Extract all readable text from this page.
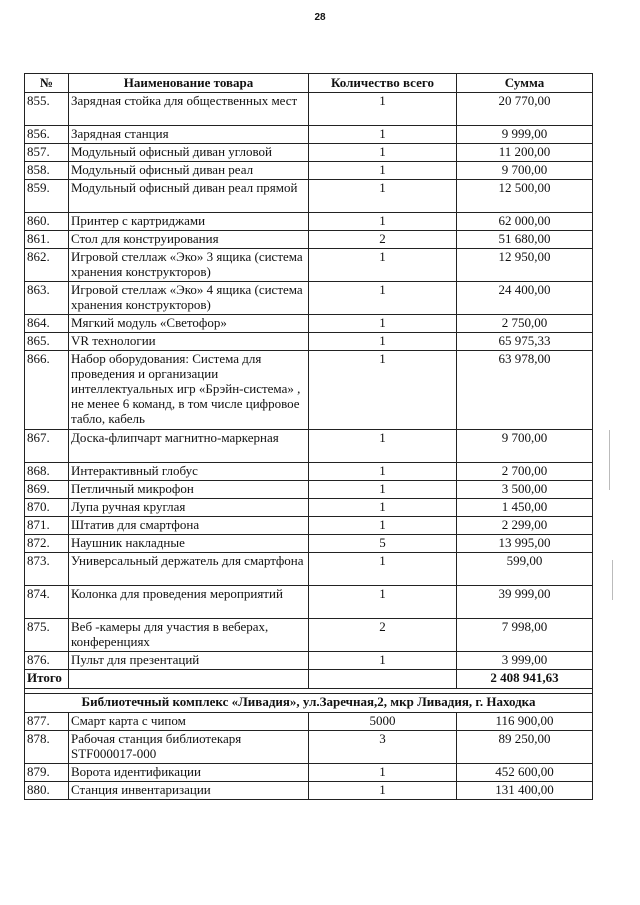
28
№	Наименование товара	Количество всего	Сумма
855.	Зарядная стойка для общественных мест	1	20 770,00
856.	Зарядная станция	1	9 999,00
857.	Модульный офисный диван угловой	1	11 200,00
858.	Модульный офисный диван реал	1	9 700,00
859.	Модульный офисный диван реал прямой	1	12 500,00
860.	Принтер с картриджами	1	62 000,00
861.	Стол для конструирования	2	51 680,00
862.	Игровой стеллаж «Эко» 3 ящика (система хранения конструкторов)	1	12 950,00
863.	Игровой стеллаж «Эко» 4 ящика (система хранения конструкторов)	1	24 400,00
864.	Мягкий модуль «Светофор»	1	2 750,00
865.	VR технологии	1	65 975,33
866.	Набор оборудования: Система для проведения и организации интеллектуальных игр «Брэйн-система» , не менее 6 команд, в том числе цифровое табло, кабель	1	63 978,00
867.	Доска-флипчарт магнитно-маркерная	1	9 700,00
868.	Интерактивный глобус	1	2 700,00
869.	Петличный микрофон	1	3 500,00
870.	Лупа ручная круглая	1	1 450,00
871.	Штатив для смартфона	1	2 299,00
872.	Наушник накладные	5	13 995,00
873.	Универсальный держатель для смартфона	1	599,00
874.	Колонка для проведения мероприятий	1	39 999,00
875.	Веб -камеры для участия в веберах, конференциях	2	7 998,00
876.	Пульт для презентаций	1	3 999,00
Итого			2 408 941,63

Библиотечный комплекс «Ливадия», ул.Заречная,2, мкр Ливадия, г. Находка			
877.	Смарт карта с чипом	5000	116 900,00
878.	Рабочая станция библиотекаря STF000017-000	3	89 250,00
879.	Ворота идентификации	1	452 600,00
880.	Станция инвентаризации	1	131 400,00
